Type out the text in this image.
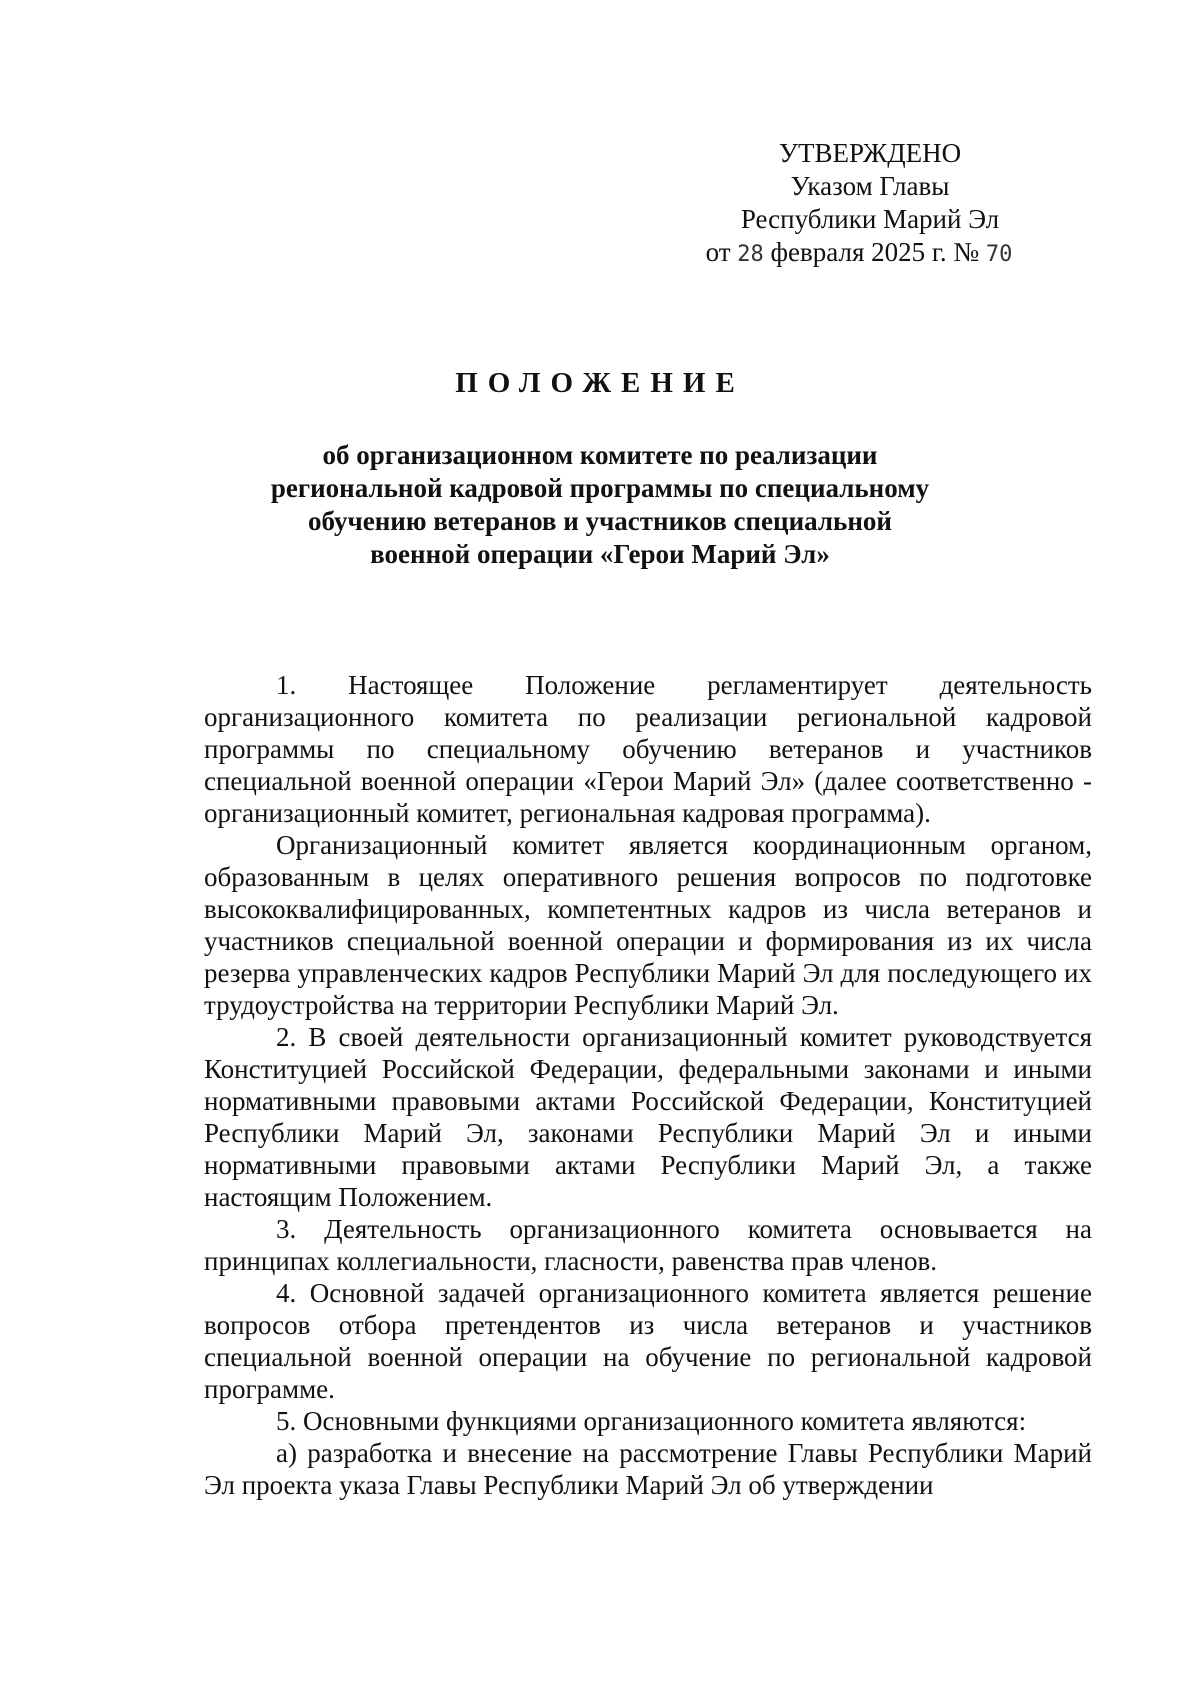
УТВЕРЖДЕНО
Указом Главы
Республики Марий Эл
от 28 февраля 2025 г. № 70
ПОЛОЖЕНИЕ
об организационном комитете по реализации
региональной кадровой программы по специальному
обучению ветеранов и участников специальной
военной операции «Герои Марий Эл»

1. Настоящее Положение регламентирует деятельность организационного комитета по реализации региональной кадровой программы по специальному обучению ветеранов и участников специальной военной операции «Герои Марий Эл» (далее соответственно - организационный комитет, региональная кадровая программа).

Организационный комитет является координационным органом, образованным в целях оперативного решения вопросов по подготовке высококвалифицированных, компетентных кадров из числа ветеранов и участников специальной военной операции и формирования из их числа резерва управленческих кадров Республики Марий Эл для последующего их трудоустройства на территории Республики Марий Эл.

2. В своей деятельности организационный комитет руководствуется Конституцией Российской Федерации, федеральными законами и иными нормативными правовыми актами Российской Федерации, Конституцией Республики Марий Эл, законами Республики Марий Эл и иными нормативными правовыми актами Республики Марий Эл, а также настоящим Положением.

3. Деятельность организационного комитета основывается на принципах коллегиальности, гласности, равенства прав членов.

4. Основной задачей организационного комитета является решение вопросов отбора претендентов из числа ветеранов и участников специальной военной операции на обучение по региональной кадровой программе.

5. Основными функциями организационного комитета являются:

а) разработка и внесение на рассмотрение Главы Республики Марий Эл проекта указа Главы Республики Марий Эл об утверждении
